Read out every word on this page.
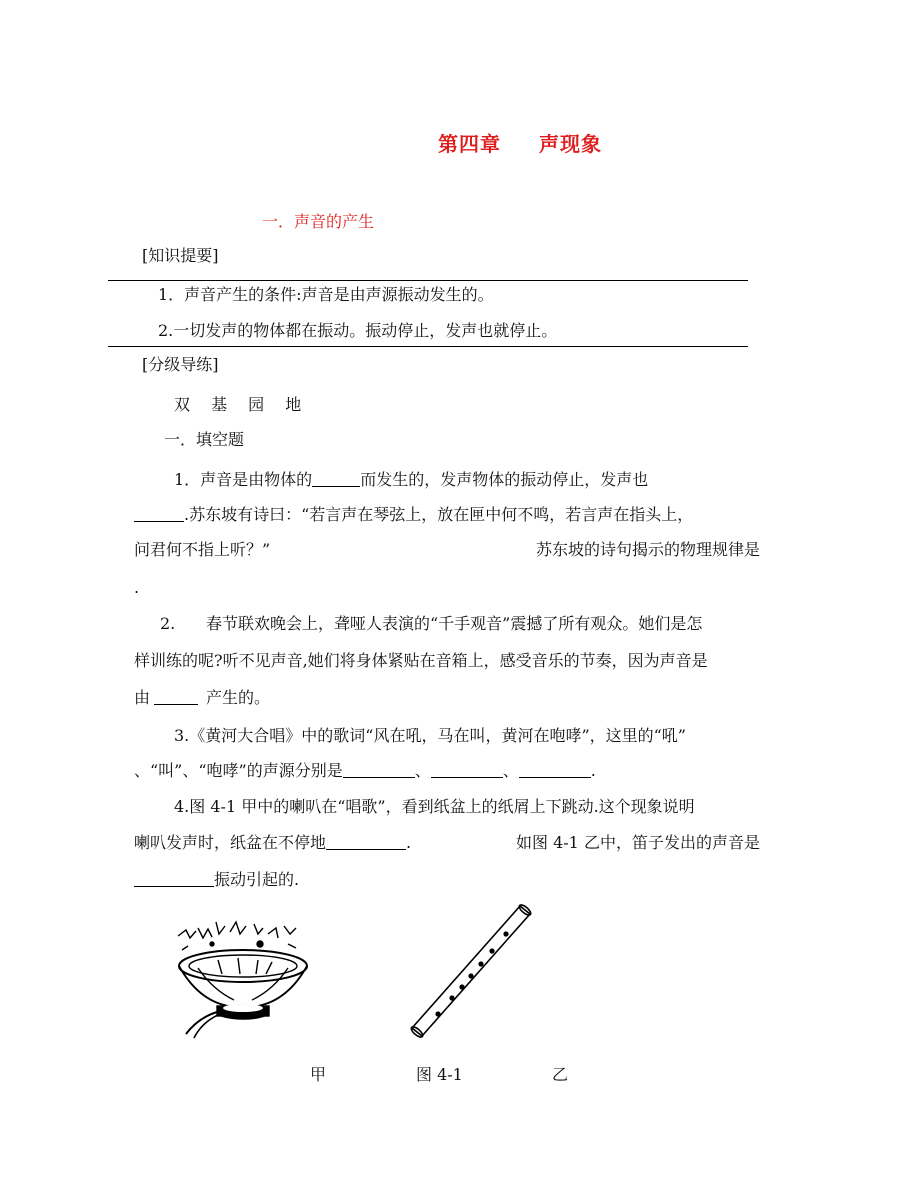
第四章 声现象
一．声音的产生
[知识提要]
1．声音产生的条件:声音是由声源振动发生的。
2.一切发声的物体都在振动。振动停止，发声也就停止。
[分级导练]
双 基 园 地
一．填空题
1．声音是由物体的	而发生的，发声物体的振动停止，发声也
.苏东坡有诗曰：“若言声在琴弦上，放在匣中何不鸣，若言声在指头上，
问君何不指上听？”	苏东坡的诗句揭示的物理规律是
.
2. 春节联欢晚会上，聋哑人表演的“千手观音”震撼了所有观众。她们是怎
样训练的呢?听不见声音,她们将身体紧贴在音箱上，感受音乐的节奏，因为声音是
由	产生的。
3.《黄河大合唱》中的歌词“风在吼，马在叫，黄河在咆哮”，这里的“吼”
、“叫”、“咆哮”的声源分别是	、	、	.
4.图 4-1 甲中的喇叭在“唱歌”，看到纸盆上的纸屑上下跳动.这个现象说明
喇叭发声时，纸盆在不停地	.	如图 4-1 乙中，笛子发出的声音是
振动引起的.
甲	图 4-1	乙
